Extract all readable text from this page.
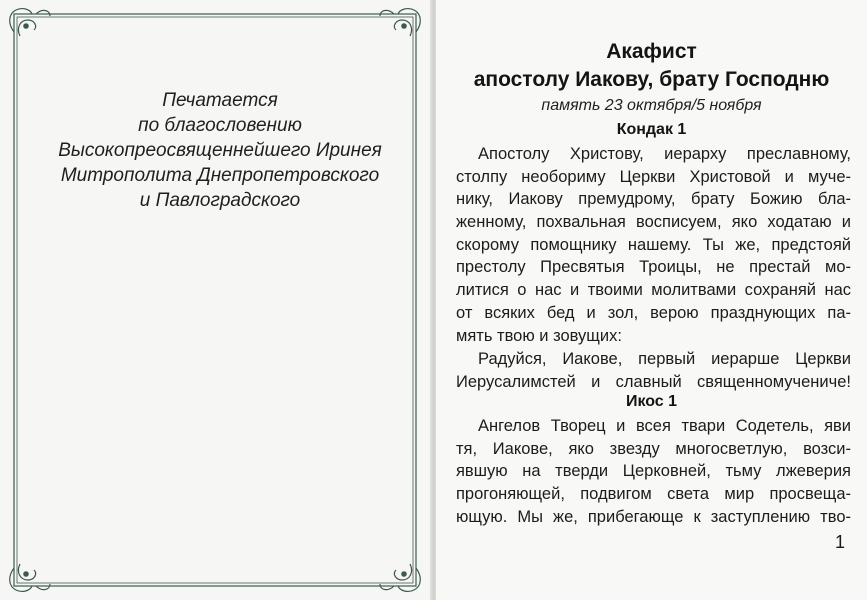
Печатается
по благословению
Высокопреосвященнейшего Иринея
Митрополита Днепропетровского
и Павлоградского
Акафист
апостолу Иакову, брату Господню
память 23 октября/5 ноября
Кондак 1
Апостолу Христову, иерарху преславному,
столпу необориму Церкви Христовой и муче-
нику, Иакову премудрому, брату Божию бла-
женному, похвальная восписуем, яко ходатаю и
скорому помощнику нашему. Ты же, предстояй
престолу Пресвятыя Троицы, не престай мо-
литися о нас и твоими молитвами сохраняй нас
от всяких бед и зол, верою празднующих па-
мять твою и зовущих:
Радуйся, Иакове, первый иерарше Церкви
Иерусалимстей и славный священномучениче!
Икос 1
Ангелов Творец и всея твари Содетель, яви
тя, Иакове, яко звезду многосветлую, возси-
явшую на тверди Церковней, тьму лжеверия
прогоняющей, подвигом света мир просвеща-
ющую. Мы же, прибегающе к заступлению тво-
1
